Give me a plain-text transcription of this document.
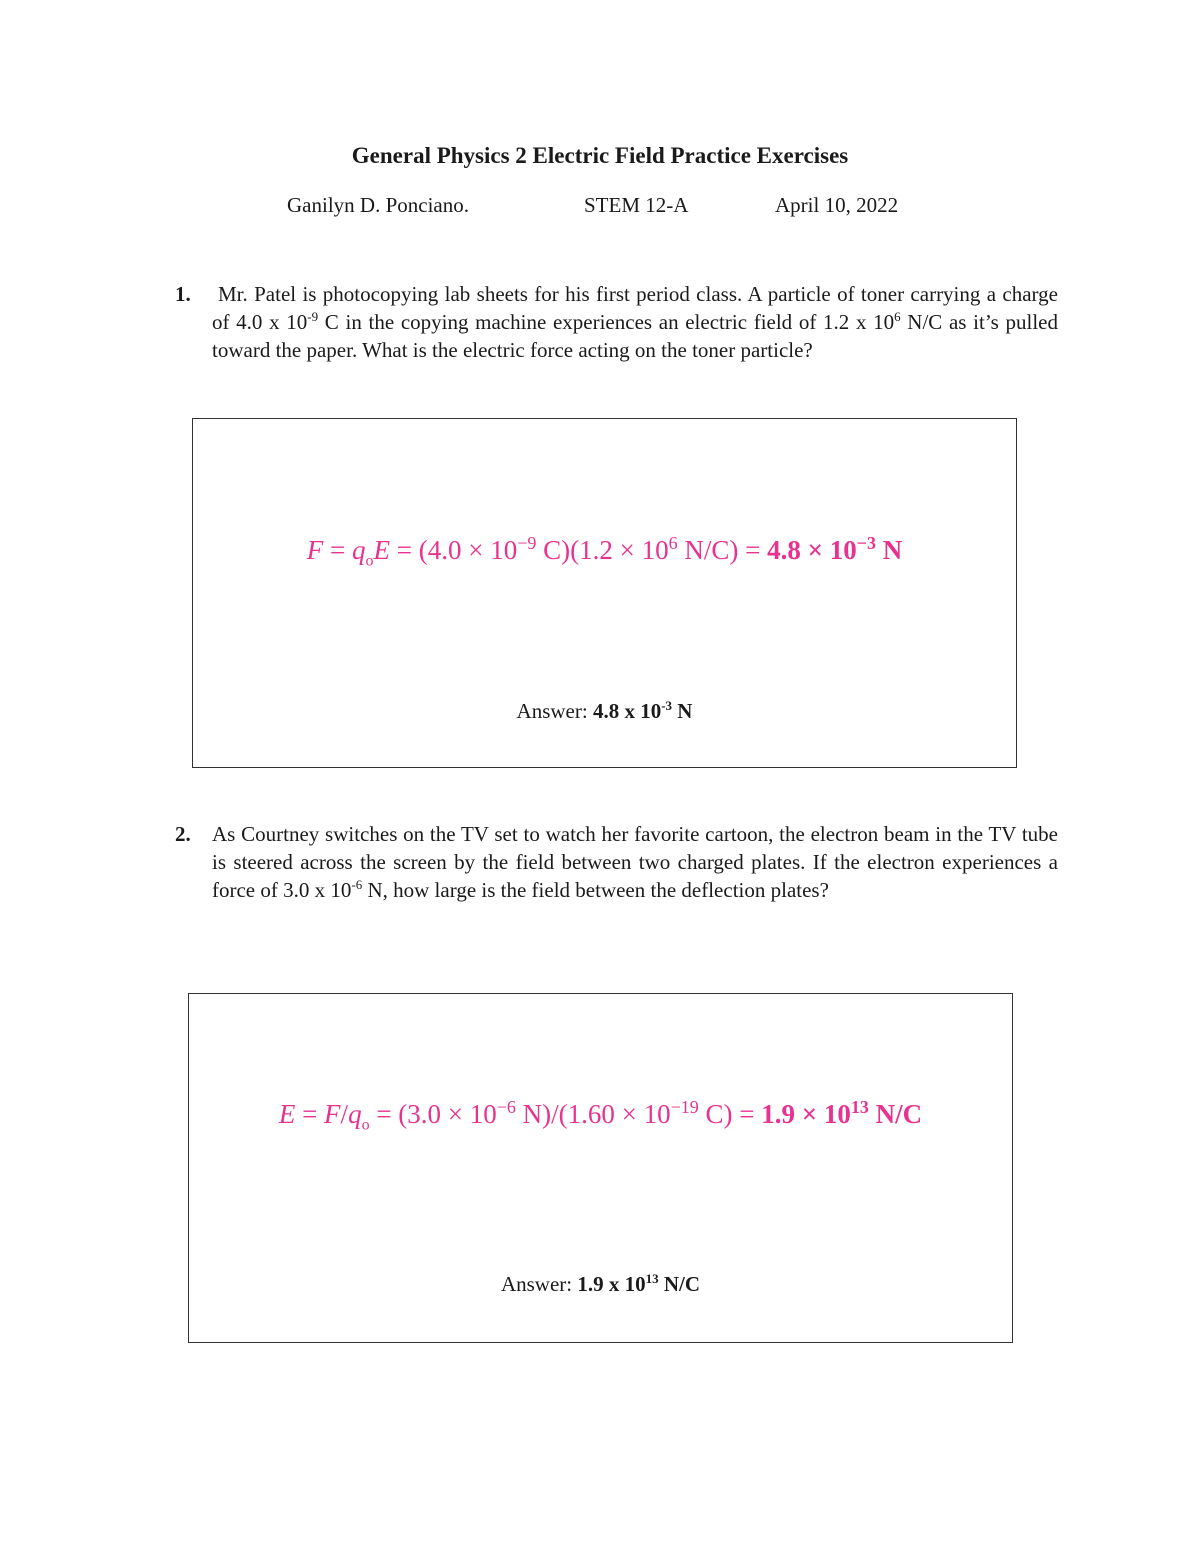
General Physics 2 Electric Field Practice Exercises
Ganilyn D. Ponciano.	STEM 12-A	April 10, 2022
1. Mr. Patel is photocopying lab sheets for his first period class. A particle of toner carrying a charge of 4.0 x $10^{-9}$ C in the copying machine experiences an electric field of 1.2 x $10^6$ N/C as it’s pulled toward the paper. What is the electric force acting on the toner particle?
$F = q_oE = (4.0 \times 10^{-9}$ $C)(1.2 \times 10^6$ $N/C) = 4.8 \times 10^{-3}$ N
Answer: 4.8 x $10^{-3}$ N
2. As Courtney switches on the TV set to watch her favorite cartoon, the electron beam in the TV tube is steered across the screen by the field between two charged plates. If the electron experiences a force of 3.0 x $10^{-6}$ N, how large is the field between the deflection plates?
$E = F/q_o = (3.0 \times 10^{-6}$ $N)/(1.60 \times 10^{-19}$ $C) = 1.9 \times 10^{13}$ N/C
Answer: 1.9 x $10^{13}$ N/C
